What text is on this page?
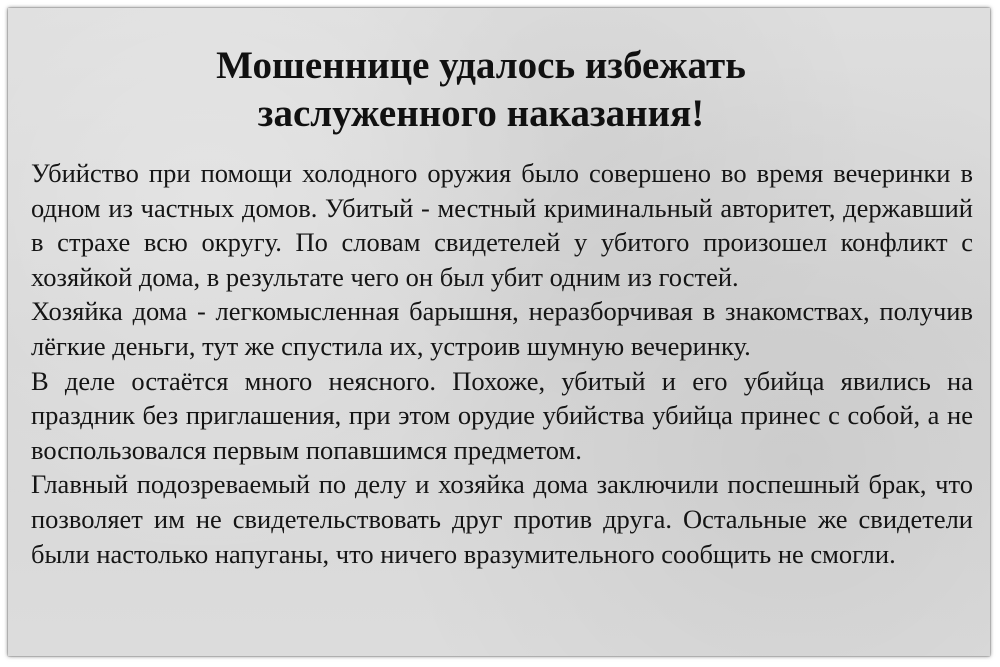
Мошеннице удалось избежать
заслуженного наказания!

Убийство при помощи холодного оружия было совершено во время вечеринки в одном из частных домов. Убитый - местный криминальный авторитет, державший в страхе всю округу. По словам свидетелей у убитого произошел конфликт с хозяйкой дома, в результате чего он был убит одним из гостей.

Хозяйка дома - легкомысленная барышня, неразборчивая в знакомствах, получив лёгкие деньги, тут же спустила их, устроив шумную вечеринку.

В деле остаётся много неясного. Похоже, убитый и его убийца явились на праздник без приглашения, при этом орудие убийства убийца принес с собой, а не воспользовался первым попавшимся предметом.

Главный подозреваемый по делу и хозяйка дома заключили поспешный брак, что позволяет им не свидетельствовать друг против друга. Остальные же свидетели были настолько напуганы, что ничего вразумительного сообщить не смогли.
